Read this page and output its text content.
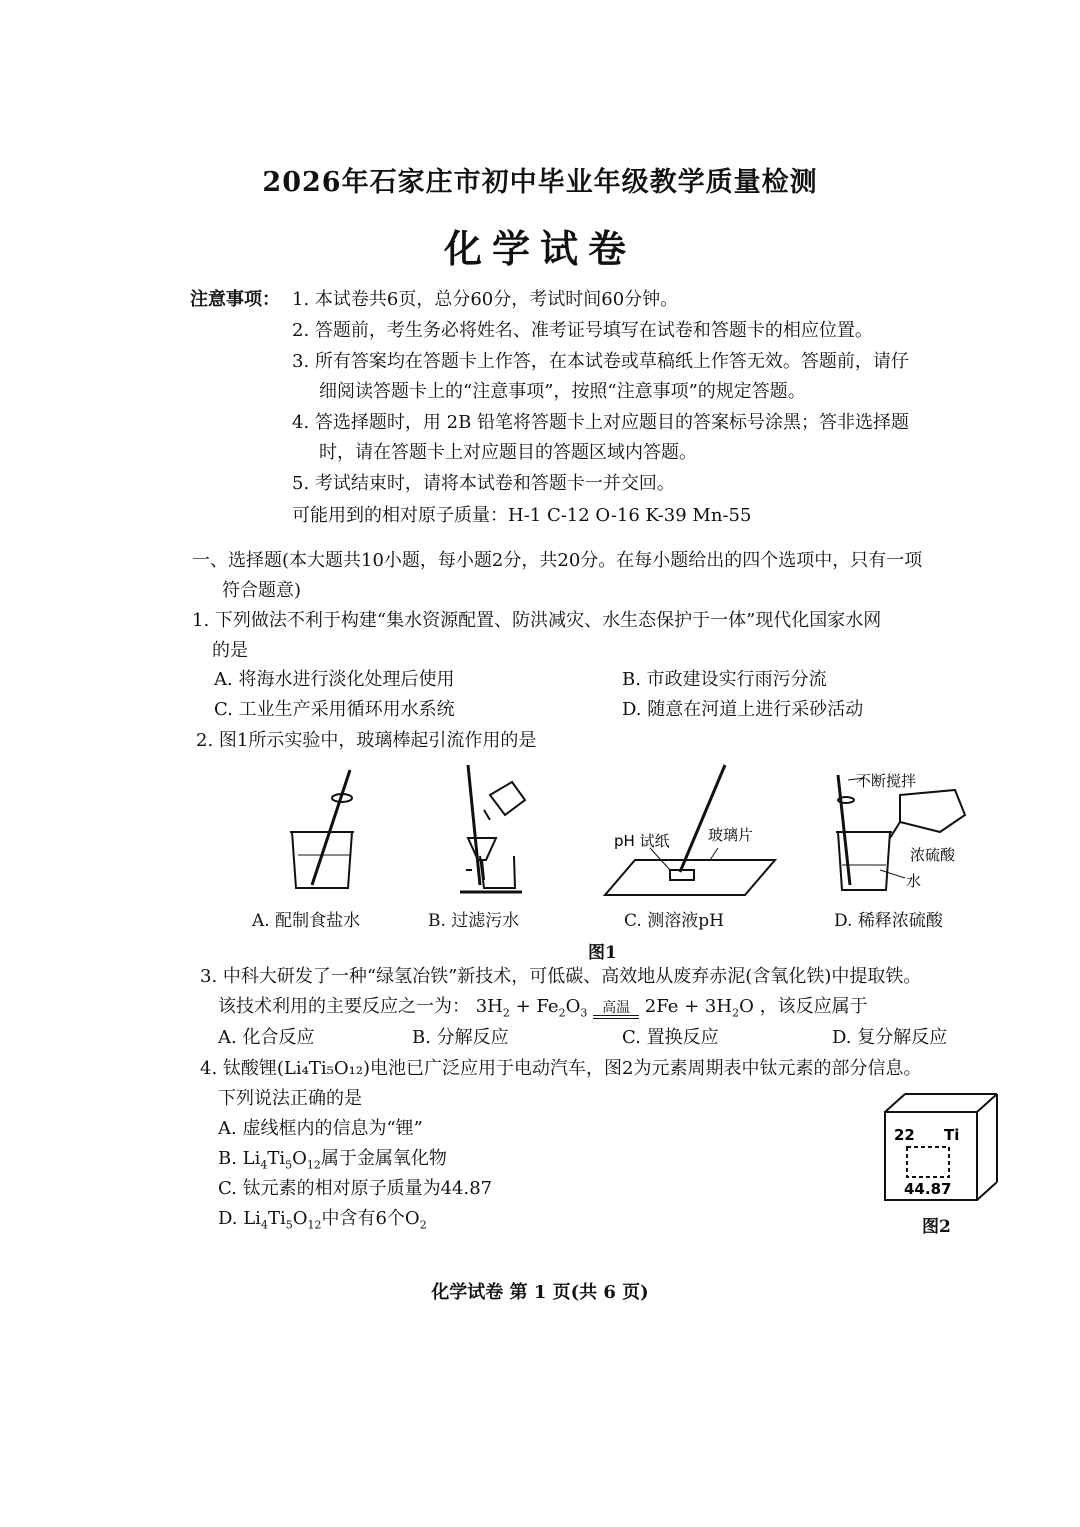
2026年石家庄市初中毕业年级教学质量检测
化学试卷
注意事项： 1. 本试卷共6页，总分60分，考试时间60分钟。
2. 答题前，考生务必将姓名、准考证号填写在试卷和答题卡的相应位置。
3. 所有答案均在答题卡上作答，在本试卷或草稿纸上作答无效。答题前，请仔
细阅读答题卡上的“注意事项”，按照“注意事项”的规定答题。
4. 答选择题时，用 2B 铅笔将答题卡上对应题目的答案标号涂黑；答非选择题
时，请在答题卡上对应题目的答题区域内答题。
5. 考试结束时，请将本试卷和答题卡一并交回。
可能用到的相对原子质量：H-1 C-12 O-16 K-39 Mn-55
一、选择题(本大题共10小题，每小题2分，共20分。在每小题给出的四个选项中，只有一项
符合题意)
1. 下列做法不利于构建“集水资源配置、防洪减灾、水生态保护于一体”现代化国家水网
的是
A. 将海水进行淡化处理后使用	B. 市政建设实行雨污分流
C. 工业生产采用循环用水系统	D. 随意在河道上进行采砂活动
2. 图1所示实验中，玻璃棒起引流作用的是
pH 试纸	玻璃片
不断搅拌
浓硫酸
水
A. 配制食盐水	B. 过滤污水	C. 测溶液pH	D. 稀释浓硫酸
图1
3. 中科大研发了一种“绿氢冶铁”新技术，可低碳、高效地从废弃赤泥(含氧化铁)中提取铁。
该技术利用的主要反应之一为： $3H_2 + Fe_2O_3$	高温 $2Fe + 3H_2O$ ，该反应属于
A. 化合反应	B. 分解反应	C. 置换反应	D. 复分解反应
4. 钛酸锂(Li₄Ti₅O₁₂)电池已广泛应用于电动汽车，图2为元素周期表中钛元素的部分信息。
下列说法正确的是
A. 虚线框内的信息为“锂”
B. $Li_4Ti_5O_{12}$属于金属氧化物
C. 钛元素的相对原子质量为44.87
D. $Li_4Ti_5O_{12}$中含有6个$O_2$
22 Ti
44.87
图2
化学试卷 第 1 页(共 6 页)
